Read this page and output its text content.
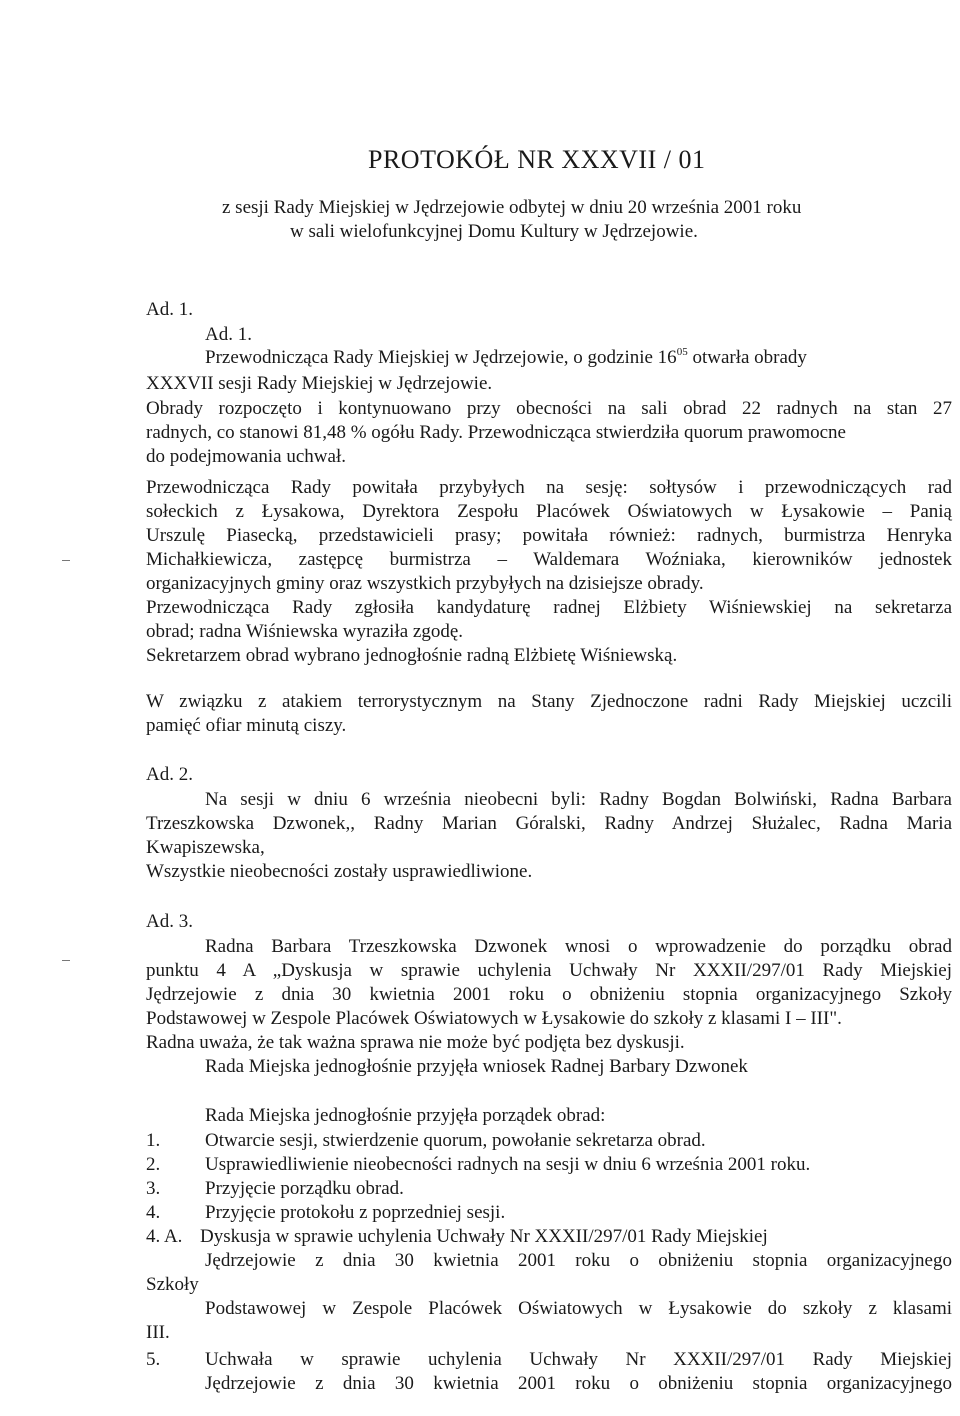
PROTOKÓŁ NR XXXVII / 01
z sesji Rady Miejskiej w Jędrzejowie odbytej w dniu 20 września 2001 roku
w sali wielofunkcyjnej Domu Kultury w Jędrzejowie.
Ad. 1.
Ad. 1.
Przewodnicząca Rady Miejskiej w Jędrzejowie, o godzinie $16^{05}$ otwarła obrady
XXXVII sesji Rady Miejskiej w Jędrzejowie.
Obrady rozpoczęto i kontynuowano przy obecności na sali obrad 22 radnych na stan 27
radnych, co stanowi 81,48 % ogółu Rady. Przewodnicząca stwierdziła quorum prawomocne
do podejmowania uchwał.
Przewodnicząca Rady powitała przybyłych na sesję: sołtysów i przewodniczących rad
sołeckich z Łysakowa, Dyrektora Zespołu Placówek Oświatowych w Łysakowie – Panią
Urszulę Piasecką, przedstawicieli prasy; powitała również: radnych, burmistrza Henryka
Michałkiewicza, zastępcę burmistrza – Waldemara Woźniaka, kierowników jednostek
organizacyjnych gminy oraz wszystkich przybyłych na dzisiejsze obrady.
Przewodnicząca Rady zgłosiła kandydaturę radnej Elżbiety Wiśniewskiej na sekretarza
obrad; radna Wiśniewska wyraziła zgodę.
Sekretarzem obrad wybrano jednogłośnie radną Elżbietę Wiśniewską.
W związku z atakiem terrorystycznym na Stany Zjednoczone radni Rady Miejskiej uczcili
pamięć ofiar minutą ciszy.
Ad. 2.
Na sesji w dniu 6 września nieobecni byli: Radny Bogdan Bolwiński, Radna Barbara
Trzeszkowska Dzwonek,, Radny Marian Góralski, Radny Andrzej Służalec, Radna Maria
Kwapiszewska,
Wszystkie nieobecności zostały usprawiedliwione.
Ad. 3.
Radna Barbara Trzeszkowska Dzwonek wnosi o wprowadzenie do porządku obrad
punktu 4 A „Dyskusja w sprawie uchylenia Uchwały Nr XXXII/297/01 Rady Miejskiej
Jędrzejowie z dnia 30 kwietnia 2001 roku o obniżeniu stopnia organizacyjnego Szkoły
Podstawowej w Zespole Placówek Oświatowych w Łysakowie do szkoły z klasami I – III".
Radna uważa, że tak ważna sprawa nie może być podjęta bez dyskusji.
Rada Miejska jednogłośnie przyjęła wniosek Radnej Barbary Dzwonek
Rada Miejska jednogłośnie przyjęła porządek obrad:
1. Otwarcie sesji, stwierdzenie quorum, powołanie sekretarza obrad.
2. Usprawiedliwienie nieobecności radnych na sesji w dniu 6 września 2001 roku.
3. Przyjęcie porządku obrad.
4. Przyjęcie protokołu z poprzedniej sesji.
4. A. Dyskusja w sprawie uchylenia Uchwały Nr XXXII/297/01 Rady Miejskiej
Jędrzejowie z dnia 30 kwietnia 2001 roku o obniżeniu stopnia organizacyjnego
Szkoły
Podstawowej w Zespole Placówek Oświatowych w Łysakowie do szkoły z klasami
III.
5. Uchwała w sprawie uchylenia Uchwały Nr XXXII/297/01 Rady Miejskiej
Jędrzejowie z dnia 30 kwietnia 2001 roku o obniżeniu stopnia organizacyjnego
